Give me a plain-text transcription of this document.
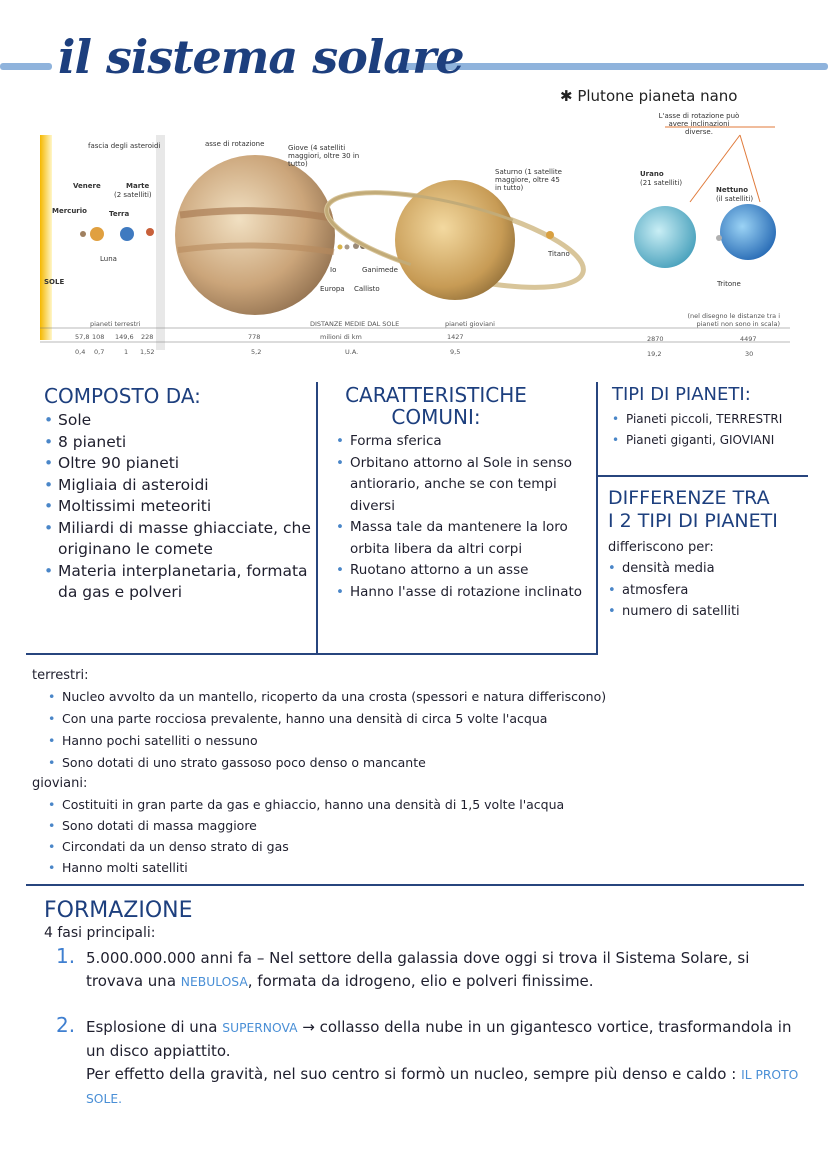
il sistema solare
✱ Plutone pianeta nano
SOLE
fascia degli asteroidi	asse di rotazione
Mercurio
Venere
Terra
Marte
(2 satelliti)
Luna
Giove (4 satelliti maggiori, oltre 30 in tutto)
Io	Ganimede
Europa Callisto
Saturno (1 satellite maggiore, oltre 45 in tutto)
Titano
Urano
(21 satelliti)
Nettuno
(il satelliti)
Tritone
L'asse di rotazione può avere inclinazioni diverse.
pianeti terrestri	DISTANZE MEDIE DAL SOLE	pianeti gioviani
(nel disegno le distanze tra i pianeti non sono in scala)
milioni di km
U.A.
57,8 108 149,6 228	778	1427	2870	4497
0,4 0,7	1 1,52	5,2	9,5	19,2	30
COMPOSTO DA:
• Sole
• 8 pianeti
• Oltre 90 pianeti
• Migliaia di asteroidi
• Moltissimi meteoriti
• Miliardi di masse ghiacciate, che originano le comete
• Materia interplanetaria, formata da gas e polveri
CARATTERISTICHE
COMUNI:
• Forma sferica
• Orbitano attorno al Sole in senso antiorario, anche se con tempi diversi
• Massa tale da mantenere la loro orbita libera da altri corpi
• Ruotano attorno a un asse
• Hanno l'asse di rotazione inclinato
TIPI DI PIANETI:
• Pianeti piccoli, TERRESTRI
• Pianeti giganti, GIOVIANI
DIFFERENZE TRA
I 2 TIPI DI PIANETI
differiscono per:
• densità media
• atmosfera
• numero di satelliti
terrestri:
• Nucleo avvolto da un mantello, ricoperto da una crosta (spessori e natura differiscono)
• Con una parte rocciosa prevalente, hanno una densità di circa 5 volte l'acqua
• Hanno pochi satelliti o nessuno
• Sono dotati di uno strato gassoso poco denso o mancante
gioviani:
• Costituiti in gran parte da gas e ghiaccio, hanno una densità di 1,5 volte l'acqua
• Sono dotati di massa maggiore
• Circondati da un denso strato di gas
• Hanno molti satelliti
FORMAZIONE
4 fasi principali:
1. 5.000.000.000 anni fa – Nel settore della galassia dove oggi si trova il Sistema Solare, si trovava una NEBULOSA, formata da idrogeno, elio e polveri finissime.
2. Esplosione di una SUPERNOVA → collasso della nube in un gigantesco vortice, trasformandola in un disco appiattito.
Per effetto della gravità, nel suo centro si formò un nucleo, sempre più denso e caldo : IL PROTO SOLE.
